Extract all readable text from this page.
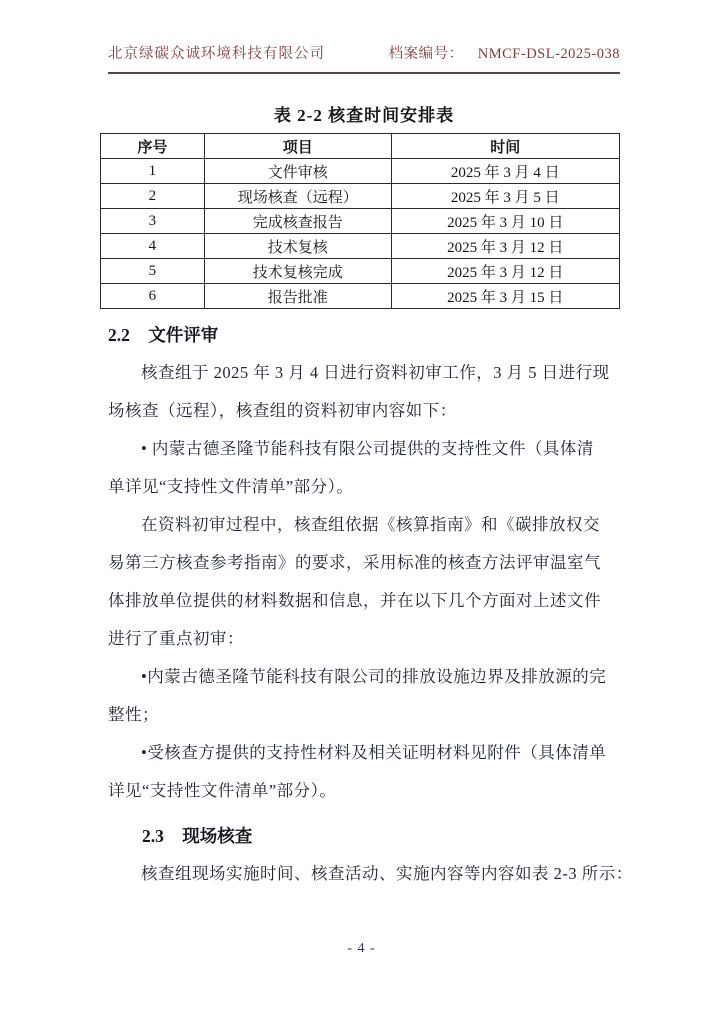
北京绿碳众诚环境科技有限公司	档案编号： NMCF-DSL-2025-038
表 2-2 核查时间安排表
序号	项目	时间
1	文件审核	2025 年 3 月 4 日
2	现场核查（远程）	2025 年 3 月 5 日
3	完成核查报告	2025 年 3 月 10 日
4	技术复核	2025 年 3 月 12 日
5	技术复核完成	2025 年 3 月 12 日
6	报告批准	2025 年 3 月 15 日
2.2 文件评审
核查组于 2025 年 3 月 4 日进行资料初审工作，3 月 5 日进行现
场核查（远程），核查组的资料初审内容如下：
• 内蒙古德圣隆节能科技有限公司提供的支持性文件（具体清
单详见“支持性文件清单”部分）。
在资料初审过程中，核查组依据《核算指南》和《碳排放权交
易第三方核查参考指南》的要求，采用标准的核查方法评审温室气
体排放单位提供的材料数据和信息，并在以下几个方面对上述文件
进行了重点初审：
•内蒙古德圣隆节能科技有限公司的排放设施边界及排放源的完
整性；
•受核查方提供的支持性材料及相关证明材料见附件（具体清单
详见“支持性文件清单”部分）。
2.3 现场核查
核查组现场实施时间、核查活动、实施内容等内容如表 2-3 所示：
- 4 -
